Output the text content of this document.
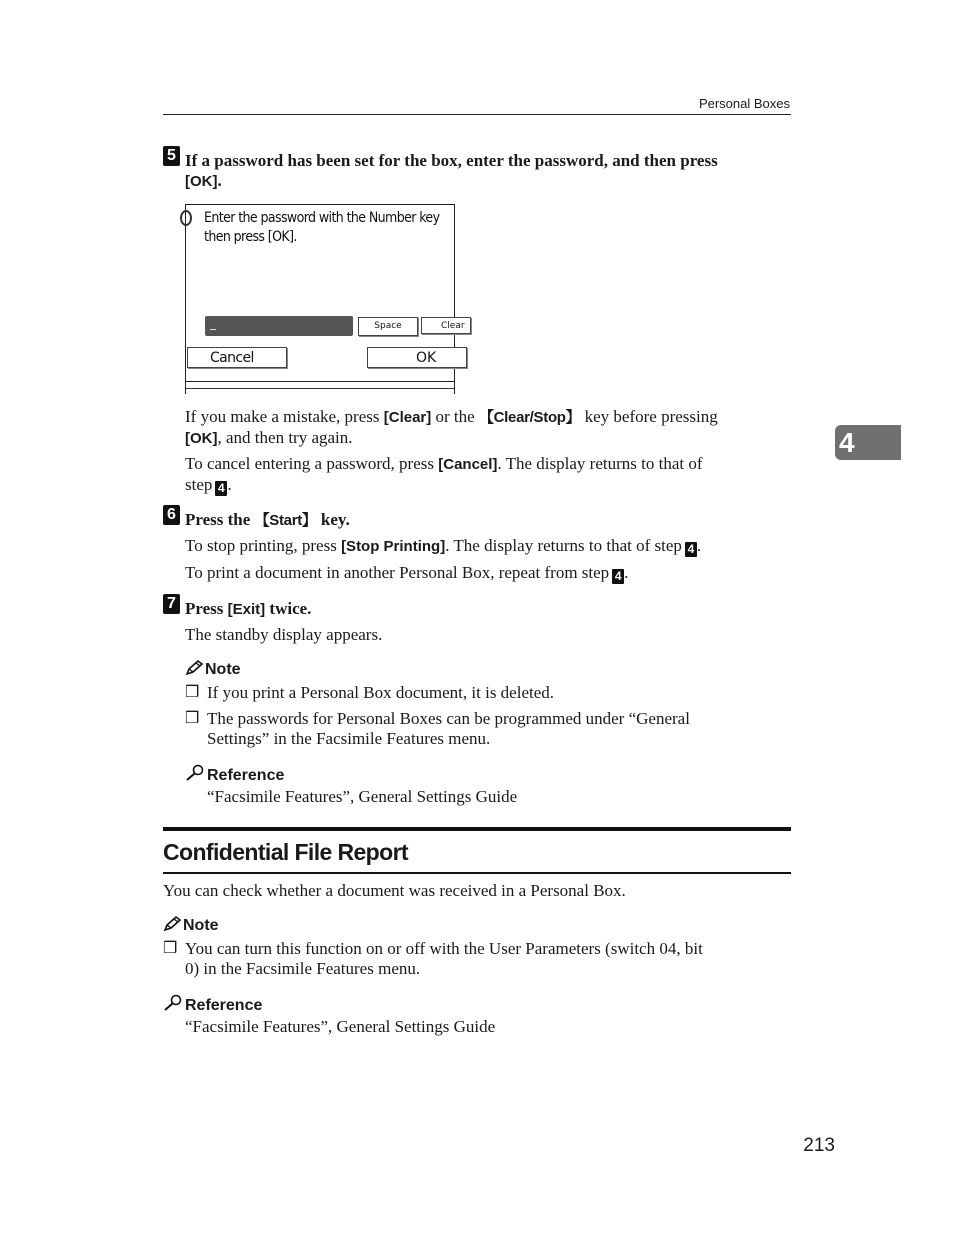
Personal Boxes
4
5 If a password has been set for the box, enter the password, and then press
[OK].
Enter the password with the Number key
then press [OK].
Space	Clear
Cancel	OK
If you make a mistake, press [Clear] or the 【Clear/Stop】 key before pressing
[OK], and then try again.
To cancel entering a password, press [Cancel]. The display returns to that of
step 4 .
6 Press the 【Start】 key.
To stop printing, press [Stop Printing]. The display returns to that of step 4 .
To print a document in another Personal Box, repeat from step 4 .
7 Press [Exit] twice.
The standby display appears.
Note
❒ If you print a Personal Box document, it is deleted.
❒ The passwords for Personal Boxes can be programmed under “General
Settings” in the Facsimile Features menu.
Reference
“Facsimile Features”, General Settings Guide
Confidential File Report
You can check whether a document was received in a Personal Box.
Note
❒ You can turn this function on or off with the User Parameters (switch 04, bit
0) in the Facsimile Features menu.
Reference
“Facsimile Features”, General Settings Guide
213
